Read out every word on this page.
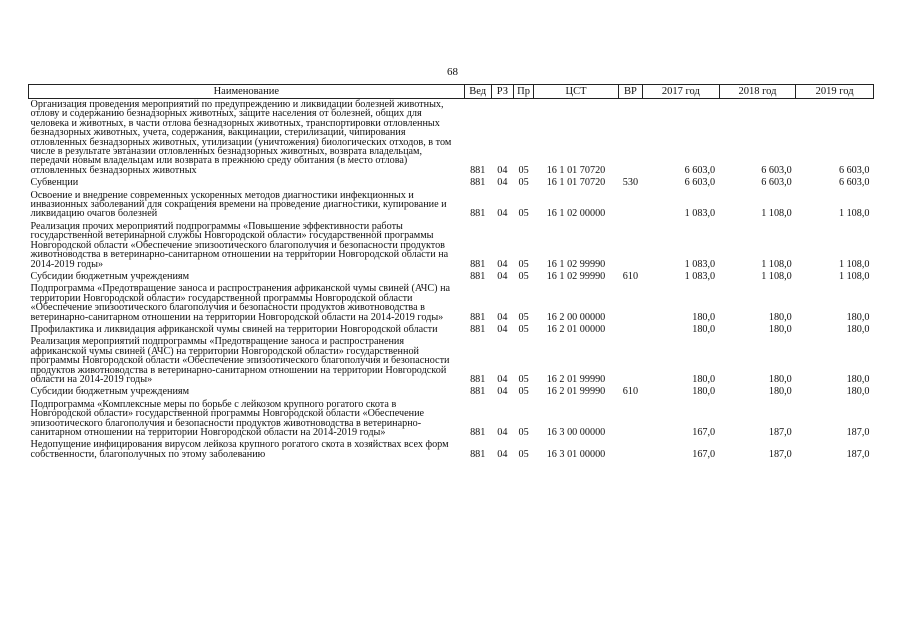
68
Наименование	Вед	РЗ	Пр	ЦСТ	ВР	2017 год	2018 год	2019 год
Организация проведения мероприятий по предупреждению и ликвидации болезней животных, отлову и содержанию безнадзорных животных, защите населения от болезней, общих для человека и животных, в части отлова безнадзорных животных, транспортировки отловленных безнадзорных животных, учета, содержания, вакцинации, стерилизации, чипирования отловленных безнадзорных животных, утилизации (уничтожения) биологических отходов, в том числе в результате эвтаназии отловленных безнадзорных животных, возврата владельцам, передачи новым владельцам или возврата в прежнюю среду обитания (в место отлова) отловленных безнадзорных животных	881	04	05	16 1 01 70720		6 603,0	6 603,0	6 603,0
Субвенции	881	04	05	16 1 01 70720	530	6 603,0	6 603,0	6 603,0
Освоение и внедрение современных ускоренных методов диагностики инфекционных и инвазионных заболеваний для сокращения времени на проведение диагностики, купирование и ликвидацию очагов болезней	881	04	05	16 1 02 00000		1 083,0	1 108,0	1 108,0
Реализация прочих мероприятий подпрограммы «Повышение эффективности работы государственной ветеринарной службы Новгородской области» государственной программы Новгородской области «Обеспечение эпизоотического благополучия и безопасности продуктов животноводства в ветеринарно-санитарном отношении на территории Новгородской области на 2014-2019 годы»	881	04	05	16 1 02 99990		1 083,0	1 108,0	1 108,0
Субсидии бюджетным учреждениям	881	04	05	16 1 02 99990	610	1 083,0	1 108,0	1 108,0
Подпрограмма «Предотвращение заноса и распространения африканской чумы свиней (АЧС) на территории Новгородской области» государственной программы Новгородской области «Обеспечение эпизоотического благополучия и безопасности продуктов животноводства в ветеринарно-санитарном отношении на территории Новгородской области на 2014-2019 годы»	881	04	05	16 2 00 00000		180,0	180,0	180,0
Профилактика и ликвидация африканской чумы свиней на территории Новгородской области	881	04	05	16 2 01 00000		180,0	180,0	180,0
Реализация мероприятий подпрограммы «Предотвращение заноса и распространения африканской чумы свиней (АЧС) на территории Новгородской области» государственной программы Новгородской области «Обеспечение эпизоотического благополучия и безопасности продуктов животноводства в ветеринарно-санитарном отношении на территории Новгородской области на 2014-2019 годы»	881	04	05	16 2 01 99990		180,0	180,0	180,0
Субсидии бюджетным учреждениям	881	04	05	16 2 01 99990	610	180,0	180,0	180,0
Подпрограмма «Комплексные меры по борьбе с лейкозом крупного рогатого скота в Новгородской области» государственной программы Новгородской области «Обеспечение эпизоотического благополучия и безопасности продуктов животноводства в ветеринарно-санитарном отношении на территории Новгородской области на 2014-2019 годы»	881	04	05	16 3 00 00000		167,0	187,0	187,0
Недопущение инфицирования вирусом лейкоза крупного рогатого скота в хозяйствах всех форм собственности, благополучных по этому заболеванию	881	04	05	16 3 01 00000		167,0	187,0	187,0
